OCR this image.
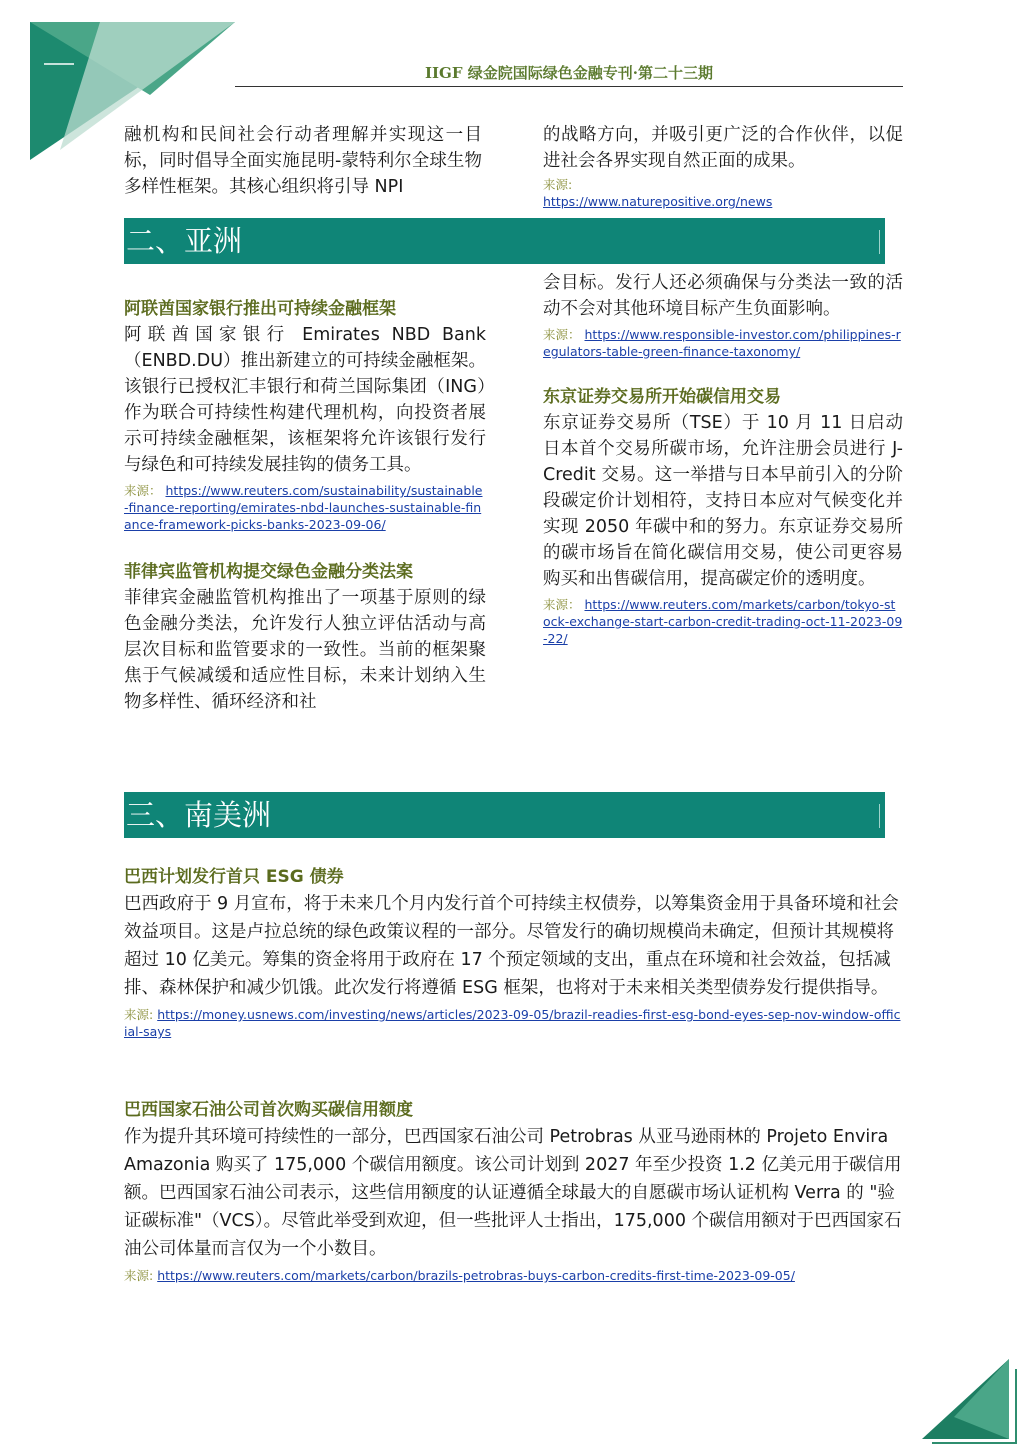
IIGF 绿金院国际绿色金融专刊·第二十三期

融机构和民间社会行动者理解并实现这一目标，同时倡导全面实施昆明-蒙特利尔全球生物多样性框架。其核心组织将引导 NPI

的战略方向，并吸引更广泛的合作伙伴，以促进社会各界实现自然正面的成果。

来源:
https://www.naturepositive.org/news
二、亚洲

阿联酋国家银行推出可持续金融框架

阿联酋国家银行 Emirates NBD Bank（ENBD.DU）推出新建立的可持续金融框架。该银行已授权汇丰银行和荷兰国际集团（ING）作为联合可持续性构建代理机构，向投资者展示可持续金融框架，该框架将允许该银行发行与绿色和可持续发展挂钩的债务工具。

来源： https://www.reuters.com/sustainability/sustainable-finance-reporting/emirates-nbd-launches-sustainable-finance-framework-picks-banks-2023-09-06/

菲律宾监管机构提交绿色金融分类法案

菲律宾金融监管机构推出了一项基于原则的绿色金融分类法，允许发行人独立评估活动与高层次目标和监管要求的一致性。当前的框架聚焦于气候减缓和适应性目标，未来计划纳入生物多样性、循环经济和社

会目标。发行人还必须确保与分类法一致的活动不会对其他环境目标产生负面影响。

来源： https://www.responsible-investor.com/philippines-regulators-table-green-finance-taxonomy/

东京证券交易所开始碳信用交易

东京证券交易所（TSE）于 10 月 11 日启动日本首个交易所碳市场，允许注册会员进行 J-Credit 交易。这一举措与日本早前引入的分阶段碳定价计划相符，支持日本应对气候变化并实现 2050 年碳中和的努力。东京证券交易所的碳市场旨在简化碳信用交易，使公司更容易购买和出售碳信用，提高碳定价的透明度。

来源： https://www.reuters.com/markets/carbon/tokyo-stock-exchange-start-carbon-credit-trading-oct-11-2023-09-22/
三、南美洲

巴西计划发行首只 ESG 债券

巴西政府于 9 月宣布，将于未来几个月内发行首个可持续主权债券，以筹集资金用于具备环境和社会效益项目。这是卢拉总统的绿色政策议程的一部分。尽管发行的确切规模尚未确定，但预计其规模将超过 10 亿美元。筹集的资金将用于政府在 17 个预定领域的支出，重点在环境和社会效益，包括减排、森林保护和减少饥饿。此次发行将遵循 ESG 框架，也将对于未来相关类型债券发行提供指导。

来源: https://money.usnews.com/investing/news/articles/2023-09-05/brazil-readies-first-esg-bond-eyes-sep-nov-window-official-says

巴西国家石油公司首次购买碳信用额度

作为提升其环境可持续性的一部分，巴西国家石油公司 Petrobras 从亚马逊雨林的 Projeto Envira Amazonia 购买了 175,000 个碳信用额度。该公司计划到 2027 年至少投资 1.2 亿美元用于碳信用额。巴西国家石油公司表示，这些信用额度的认证遵循全球最大的自愿碳市场认证机构 Verra 的 "验证碳标准"（VCS）。尽管此举受到欢迎，但一些批评人士指出，175,000 个碳信用额对于巴西国家石油公司体量而言仅为一个小数目。

来源: https://www.reuters.com/markets/carbon/brazils-petrobras-buys-carbon-credits-first-time-2023-09-05/
